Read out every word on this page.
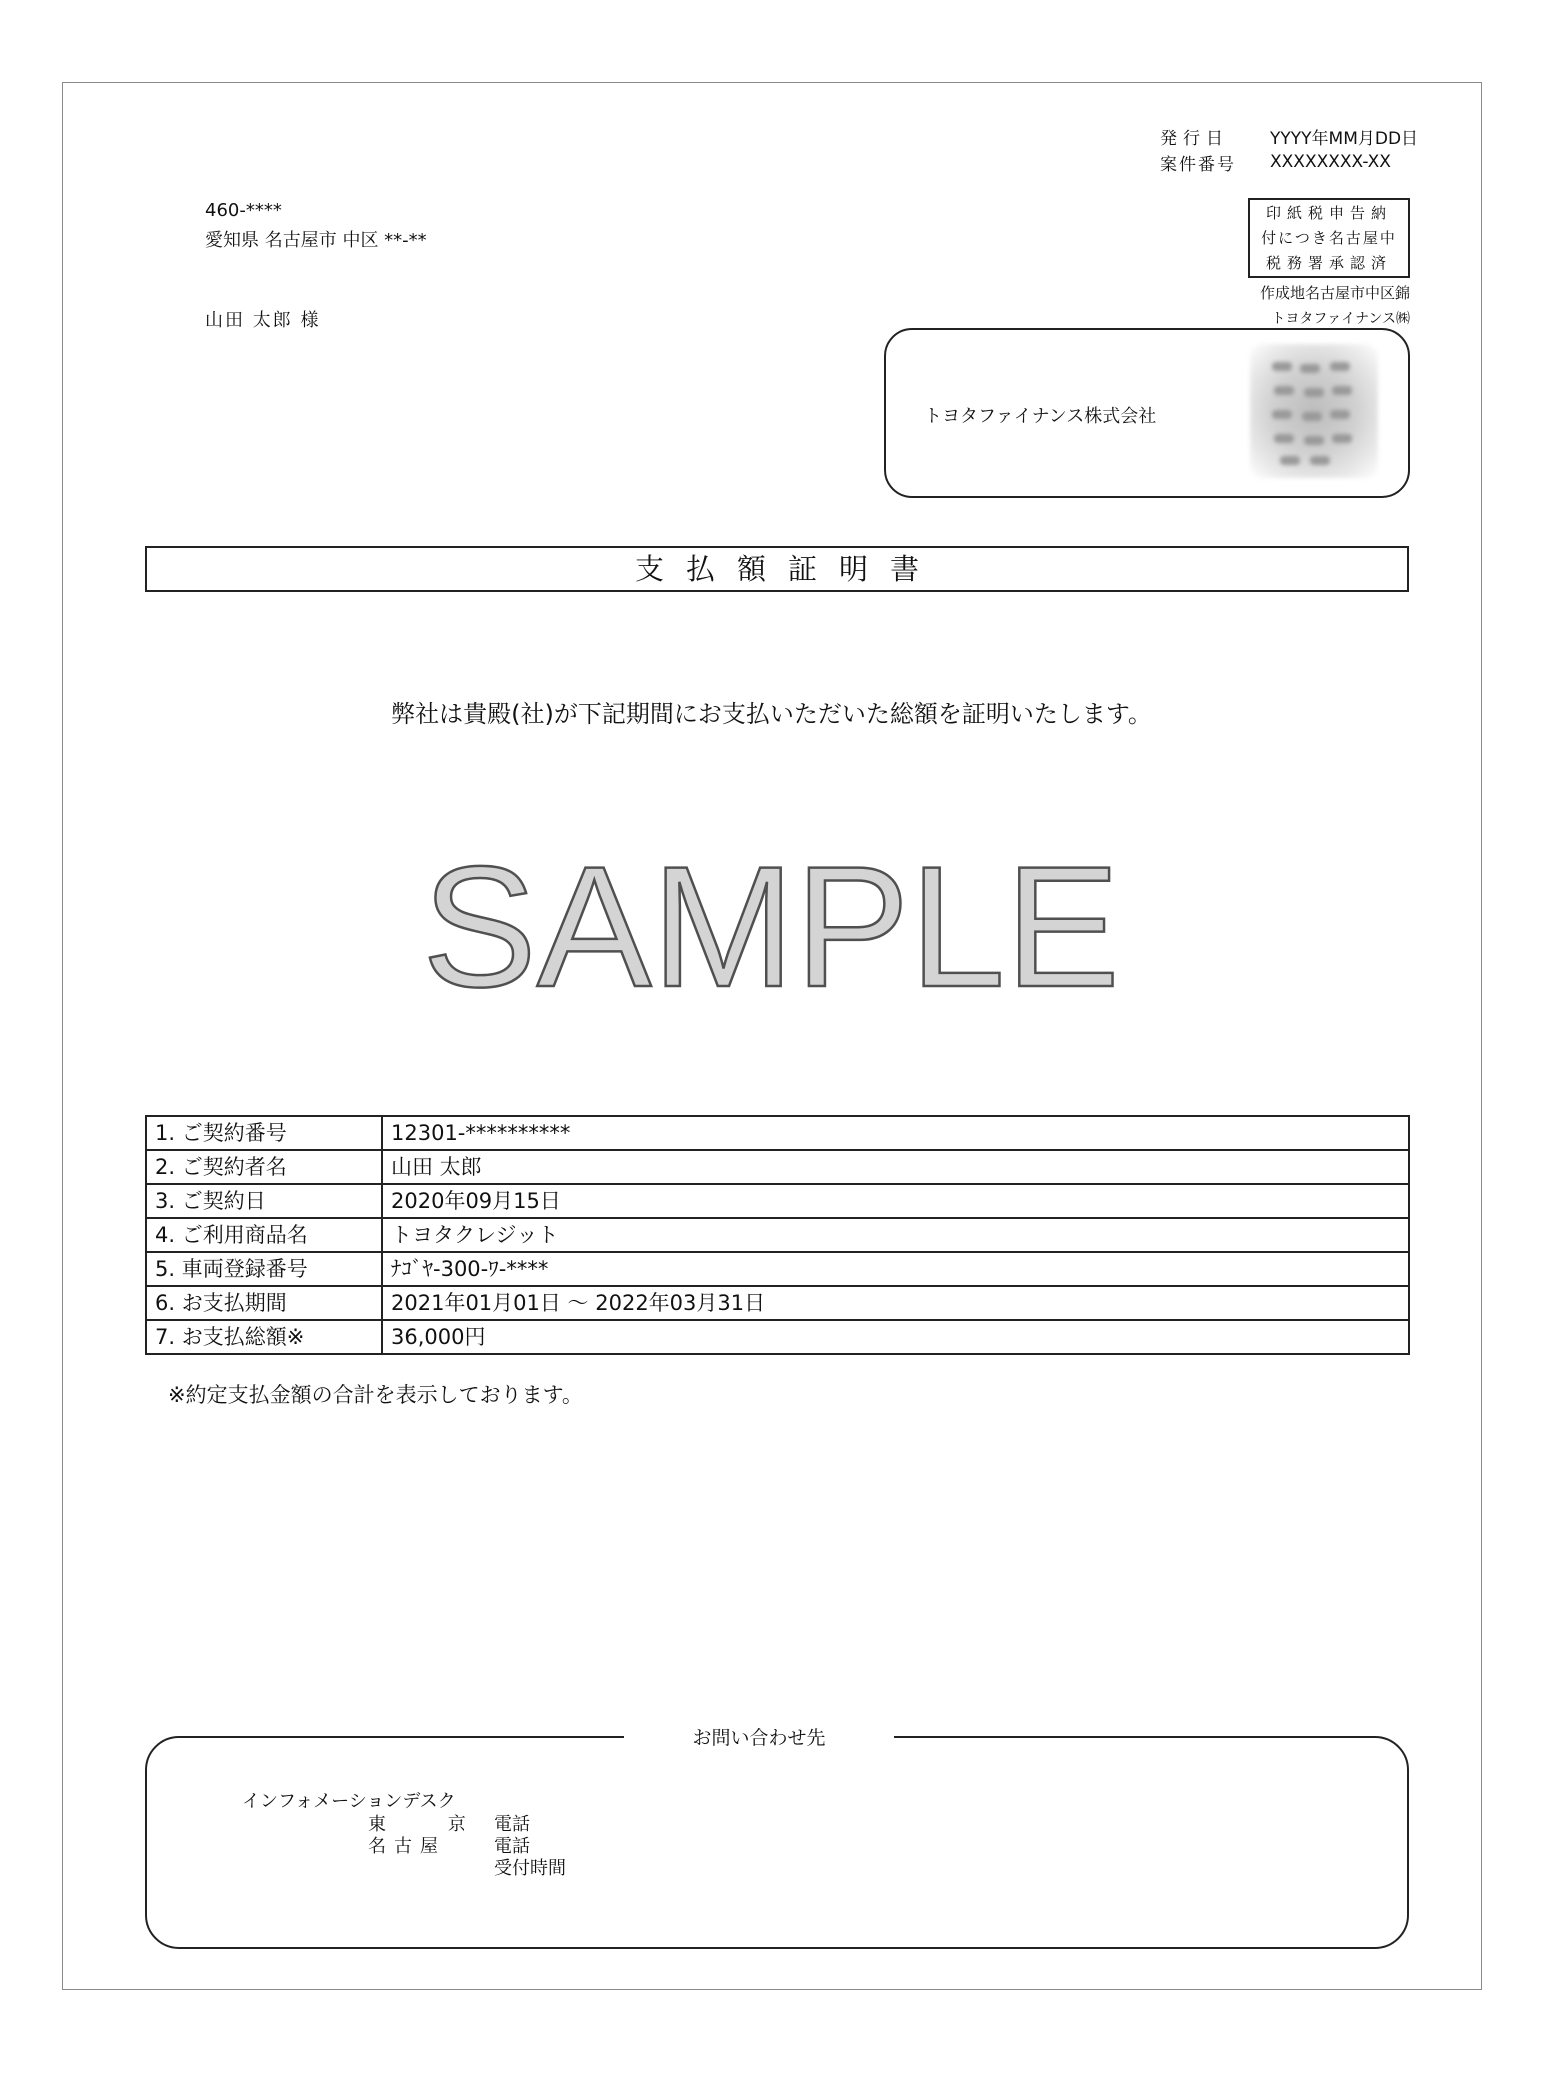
発行日 YYYY年MM月DD日
案件番号 XXXXXXXX-XX
460-****
愛知県 名古屋市 中区 **-**
山田 太郎 様
印紙税申告納
付につき名古屋中
税務署承認済
作成地名古屋市中区錦
トヨタファイナンス㈱
トヨタファイナンス株式会社
支払額証明書
弊社は貴殿(社)が下記期間にお支払いただいた総額を証明いたします。
SAMPLE
1. ご契約番号	12301-**********
2. ご契約者名	山田 太郎
3. ご契約日	2020年09月15日
4. ご利用商品名	トヨタクレジット
5. 車両登録番号	ﾅｺﾞﾔ-300-ﾜ-****
6. お支払期間	2021年01月01日 〜 2022年03月31日
7. お支払総額※	36,000円
※約定支払金額の合計を表示しております。
お問い合わせ先
インフォメーションデスク
東 京
名古屋
電話
電話
受付時間
